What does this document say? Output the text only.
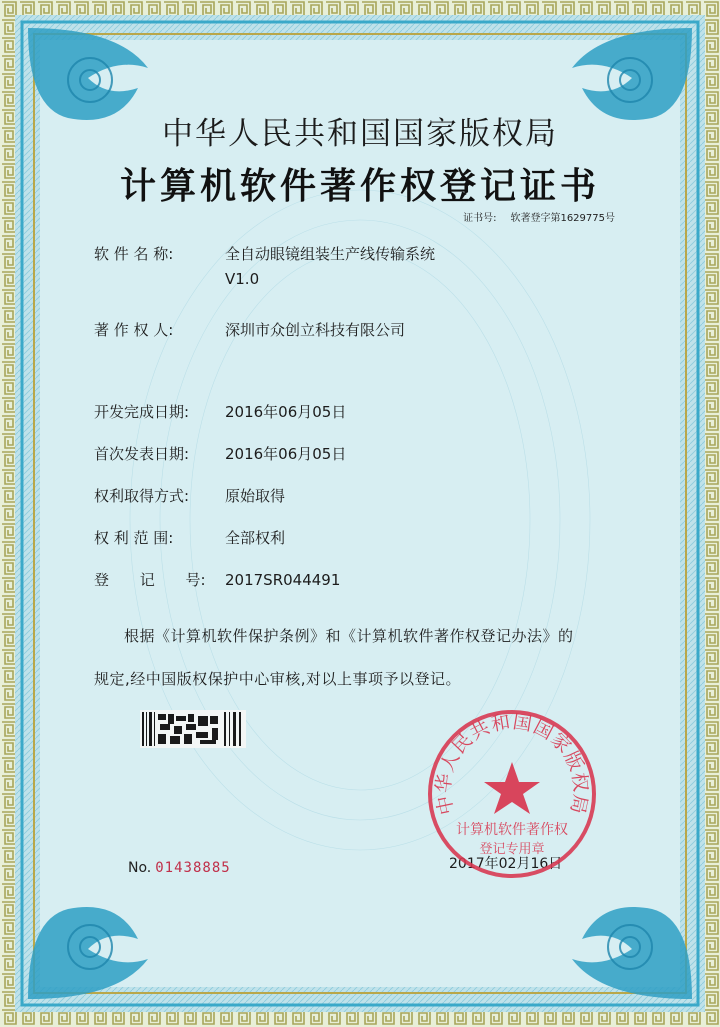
中华人民共和国国家版权局
计算机软件著作权登记证书
证书号: 软著登字第1629775号
软 件 名 称:	全自动眼镜组装生产线传输系统
V1.0
著 作 权 人:	深圳市众创立科技有限公司
开发完成日期: 2016年06月05日
首次发表日期: 2016年06月05日
权利取得方式: 原始取得
权 利 范 围:	全部权利
登 记 号: 2017SR044491
根据《计算机软件保护条例》和《计算机软件著作权登记办法》的
规定,经中国版权保护中心审核,对以上事项予以登记。
No. 01438885	2017年02月16日
中华人民共和国国家版权局
计算机软件著作权
登记专用章
